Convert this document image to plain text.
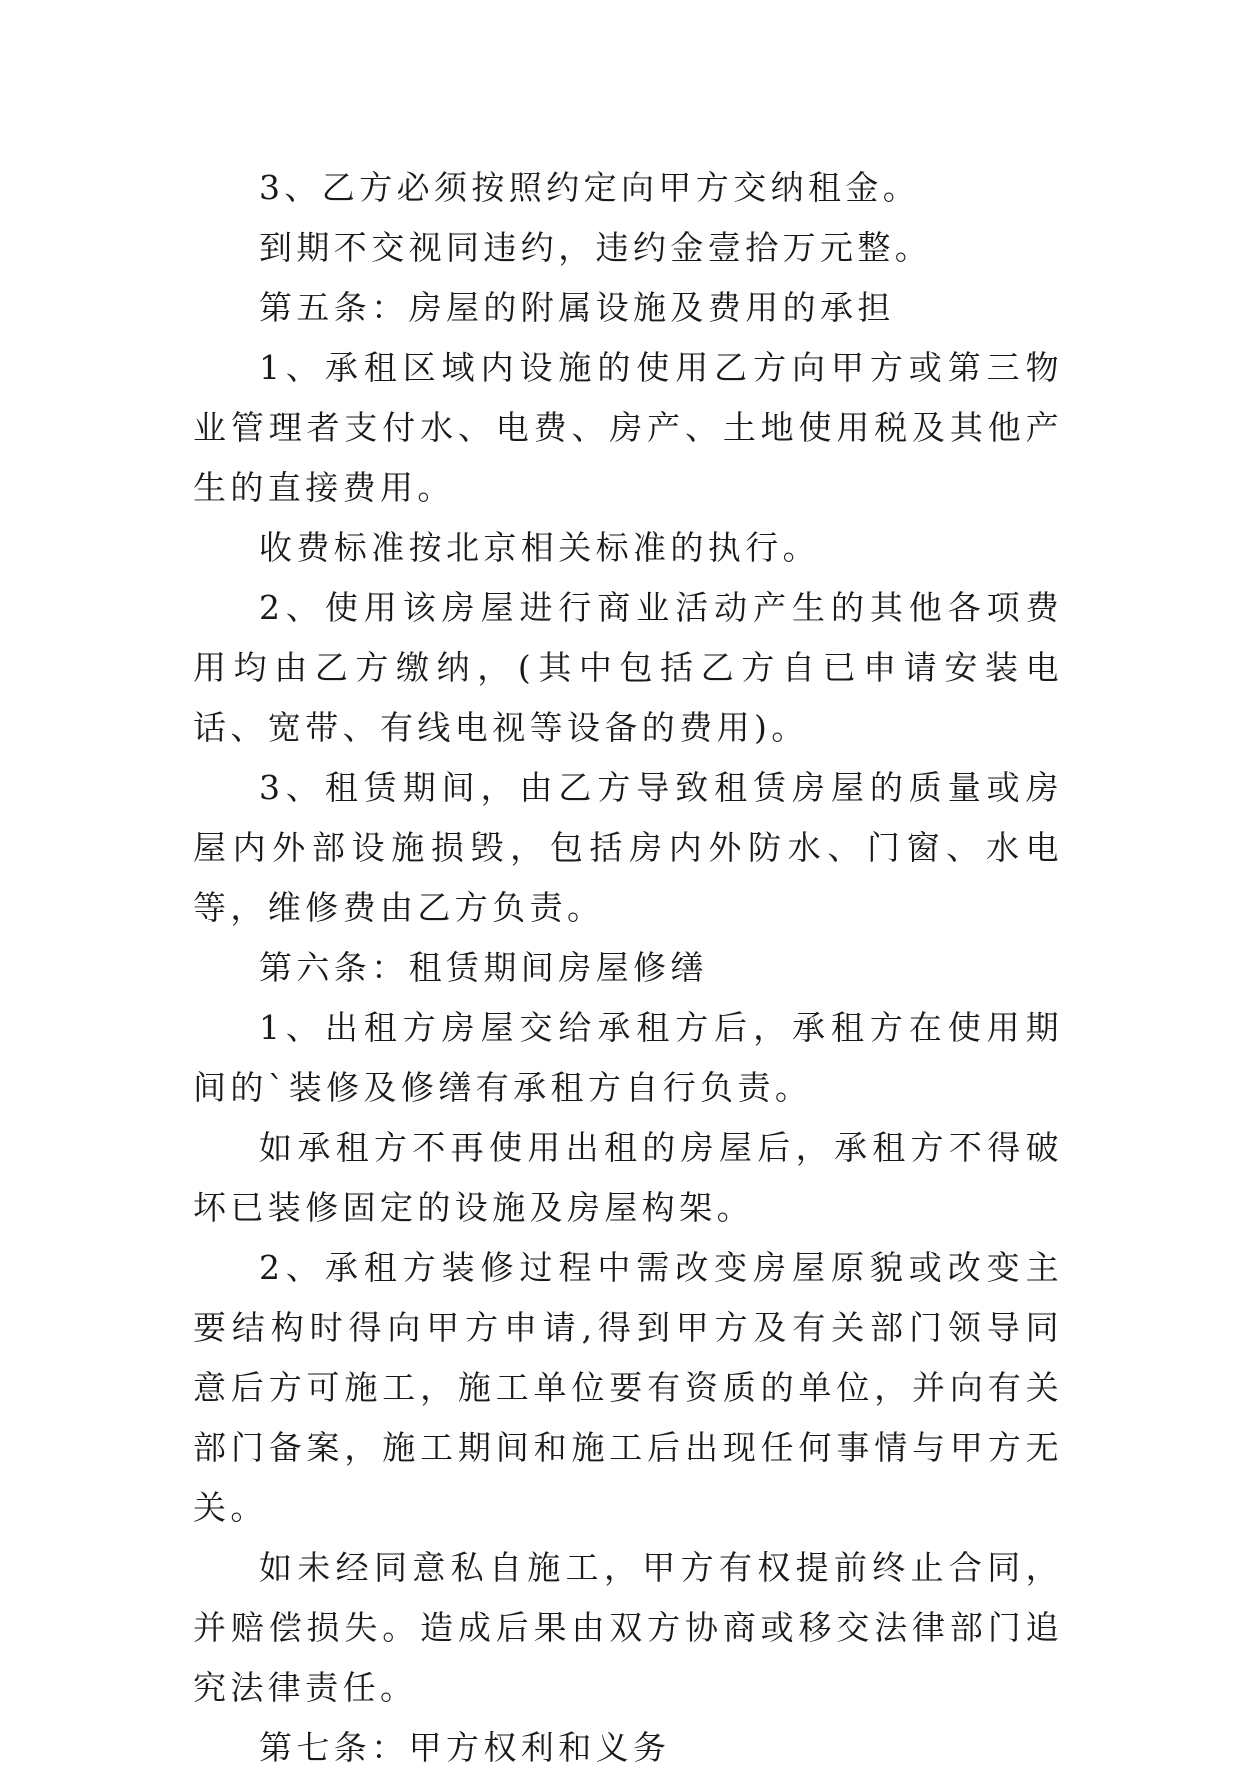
3、乙方必须按照约定向甲方交纳租金。

到期不交视同违约，违约金壹拾万元整。

第五条：房屋的附属设施及费用的承担

1、承租区域内设施的使用乙方向甲方或第三物业管理者支付水、电费、房产、土地使用税及其他产生的直接费用。

收费标准按北京相关标准的执行。

2、使用该房屋进行商业活动产生的其他各项费用均由乙方缴纳，(其中包括乙方自已申请安装电话、宽带、有线电视等设备的费用)。

3、租赁期间，由乙方导致租赁房屋的质量或房屋内外部设施损毁，包括房内外防水、门窗、水电等，维修费由乙方负责。

第六条：租赁期间房屋修缮

1、出租方房屋交给承租方后，承租方在使用期间的`装修及修缮有承租方自行负责。

如承租方不再使用出租的房屋后，承租方不得破坏已装修固定的设施及房屋构架。

2、承租方装修过程中需改变房屋原貌或改变主要结构时得向甲方申请,得到甲方及有关部门领导同意后方可施工，施工单位要有资质的单位，并向有关部门备案，施工期间和施工后出现任何事情与甲方无关。

如未经同意私自施工，甲方有权提前终止合同，并赔偿损失。造成后果由双方协商或移交法律部门追究法律责任。

第七条：甲方权利和义务
